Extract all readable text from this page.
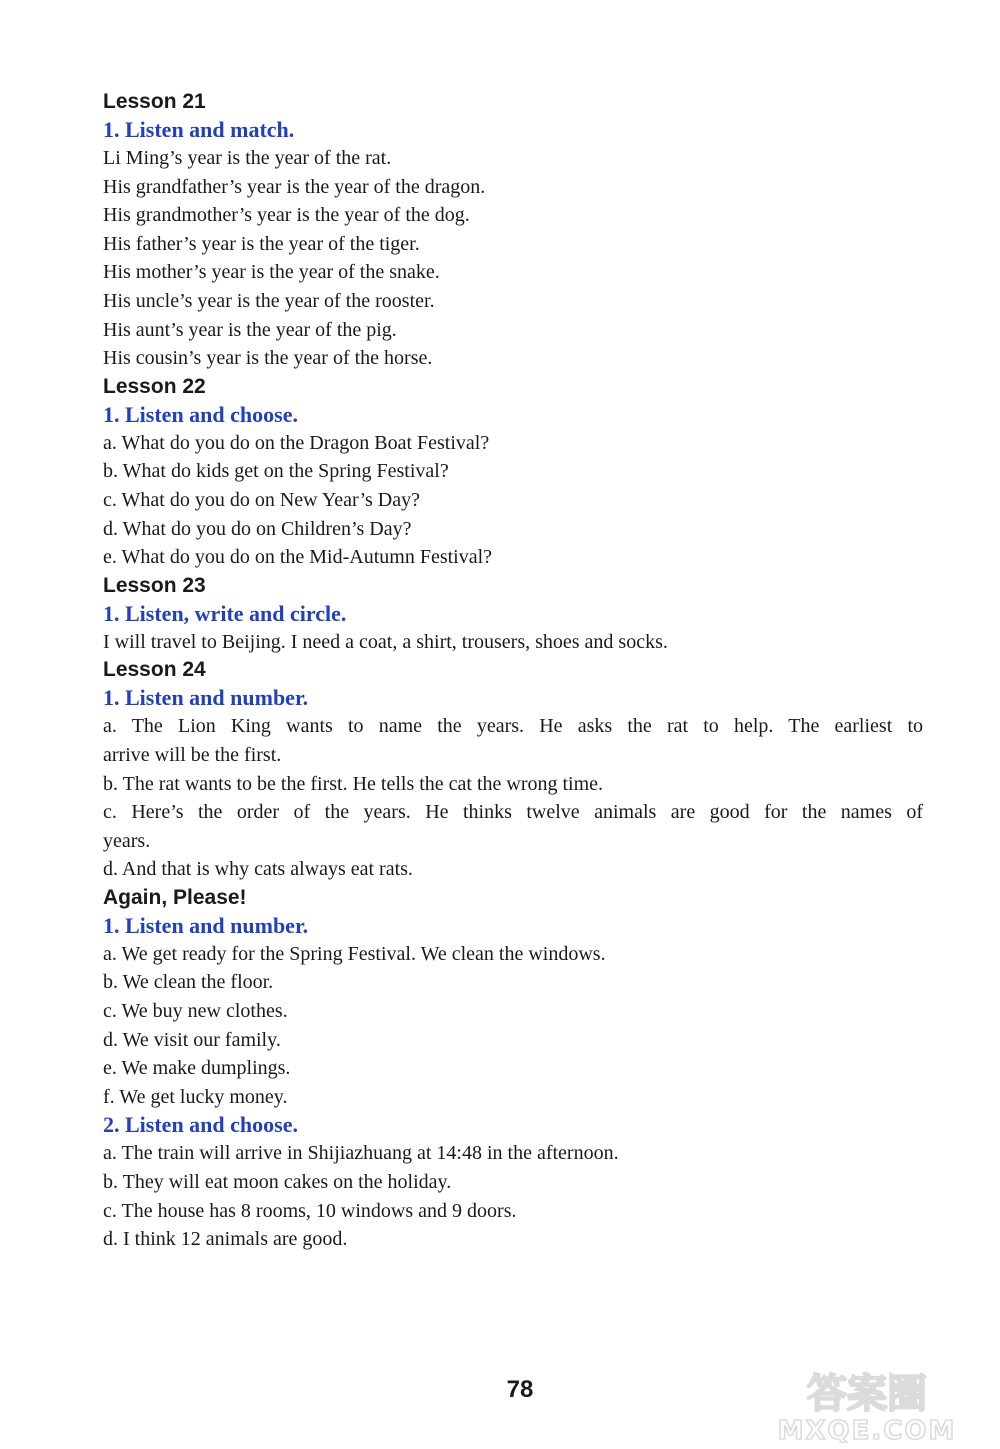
Lesson 21
1. Listen and match.
Li Ming’s year is the year of the rat.
His grandfather’s year is the year of the dragon.
His grandmother’s year is the year of the dog.
His father’s year is the year of the tiger.
His mother’s year is the year of the snake.
His uncle’s year is the year of the rooster.
His aunt’s year is the year of the pig.
His cousin’s year is the year of the horse.
Lesson 22
1. Listen and choose.
a. What do you do on the Dragon Boat Festival?
b. What do kids get on the Spring Festival?
c. What do you do on New Year’s Day?
d. What do you do on Children’s Day?
e. What do you do on the Mid-Autumn Festival?
Lesson 23
1. Listen, write and circle.
I will travel to Beijing. I need a coat, a shirt, trousers, shoes and socks.
Lesson 24
1. Listen and number.
a. The Lion King wants to name the years. He asks the rat to help. The earliest to
arrive will be the first.
b. The rat wants to be the first. He tells the cat the wrong time.
c. Here’s the order of the years. He thinks twelve animals are good for the names of
years.
d. And that is why cats always eat rats.
Again, Please!
1. Listen and number.
a. We get ready for the Spring Festival. We clean the windows.
b. We clean the floor.
c. We buy new clothes.
d. We visit our family.
e. We make dumplings.
f. We get lucky money.
2. Listen and choose.
a. The train will arrive in Shijiazhuang at 14:48 in the afternoon.
b. They will eat moon cakes on the holiday.
c. The house has 8 rooms, 10 windows and 9 doors.
d. I think 12 animals are good.
78	答案圈
MXQE.COM
